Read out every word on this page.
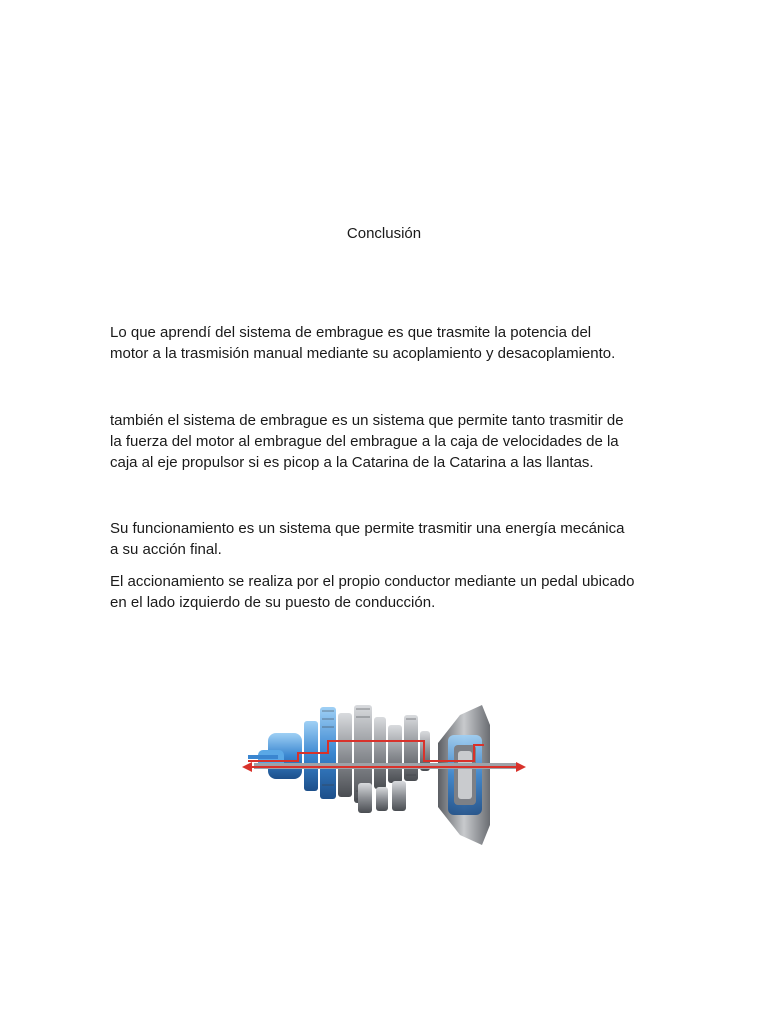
Conclusión

Lo que aprendí del sistema de embrague es que trasmite la potencia del
motor a la trasmisión manual mediante su acoplamiento y desacoplamiento.

también el sistema de embrague es un sistema que permite tanto trasmitir de
la fuerza del motor al embrague del embrague a la caja de velocidades de la
caja al eje propulsor si es picop a la Catarina de la Catarina a las llantas.

Su funcionamiento es un sistema que permite trasmitir una energía mecánica
a su acción final.

El accionamiento se realiza por el propio conductor mediante un pedal ubicado
en el lado izquierdo de su puesto de conducción.
